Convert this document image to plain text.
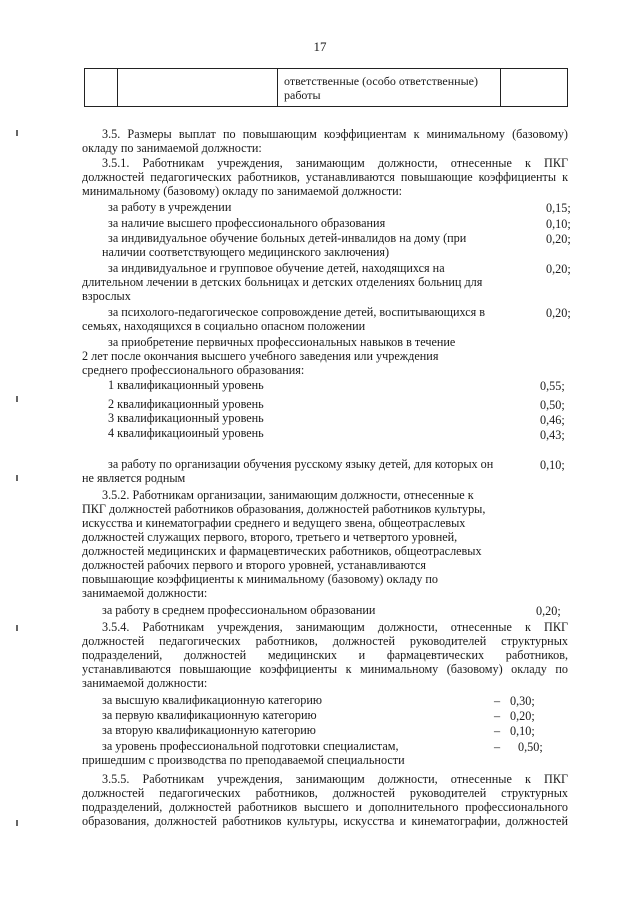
17
ответственные (особо ответственные)
работы
3.5. Размеры выплат по повышающим коэффициентам к минимальному (базовому)
окладу по занимаемой должности:
3.5.1. Работникам учреждения, занимающим должности, отнесенные к ПКГ
должностей педагогических работников, устанавливаются повышающие коэффициенты к
минимальному (базовому) окладу по занимаемой должности:
за работу в учреждении	0,15;
за наличие высшего профессионального образования	0,10;
за индивидуальное обучение больных детей-инвалидов на дому (при
наличии соответствующего медицинского заключения)
0,20;
за индивидуальное и групповое обучение детей, находящихся на
длительном лечении в детских больницах и детских отделениях больниц для
взрослых
0,20;
за психолого-педагогическое сопровождение детей, воспитывающихся в
семьях, находящихся в социально опасном положении
0,20;
за приобретение первичных профессиональных навыков в течение
2 лет после окончания высшего учебного заведения или учреждения
среднего профессионального образования:
1 квалификационный уровень	0,55;
2 квалификационный уровень	0,50;
3 квалификационный уровень	0,46;
4 квалификациоиный уровень	0,43;
за работу по организации обучения русскому языку детей, для которых он
не является родным
0,10;
3.5.2. Работникам организации, занимающим должности, отнесенные к
ПКГ должностей работников образования, должностей работников культуры,
искусства и кинематографии среднего и ведущего звена, общеотраслевых
должностей служащих первого, второго, третьего и четвертого уровней,
должностей медицинских и фармацевтических работников, общеотраслевых
должностей рабочих первого и второго уровней, устанавливаются
повышающие коэффициенты к минимальному (базовому) окладу по
занимаемой должности:
за работу в среднем профессиональном образовании	0,20;
3.5.4. Работникам учреждения, занимающим должности, отнесенные к ПКГ
должностей педагогических работников, должностей руководителей структурных
подразделений, должностей медицинских и фармацевтических работников,
устанавливаются повышающие коэффициенты к минимальному (базовому) окладу по
занимаемой должности:
за высшую квалификационную категорию	– 0,30;
за первую квалификационную категорию	– 0,20;
за вторую квалификационную категорию	– 0,10;
за уровень профессиональной подготовки специалистам,	– 0,50;
пришедшим с производства по преподаваемой специальности
3.5.5. Работникам учреждения, занимающим должности, отнесенные к ПКГ
должностей педагогических работников, должностей руководителей структурных
подразделений, должностей работников высшего и дополнительного профессионального
образования, должностей работников культуры, искусства и кинематографии, должностей
